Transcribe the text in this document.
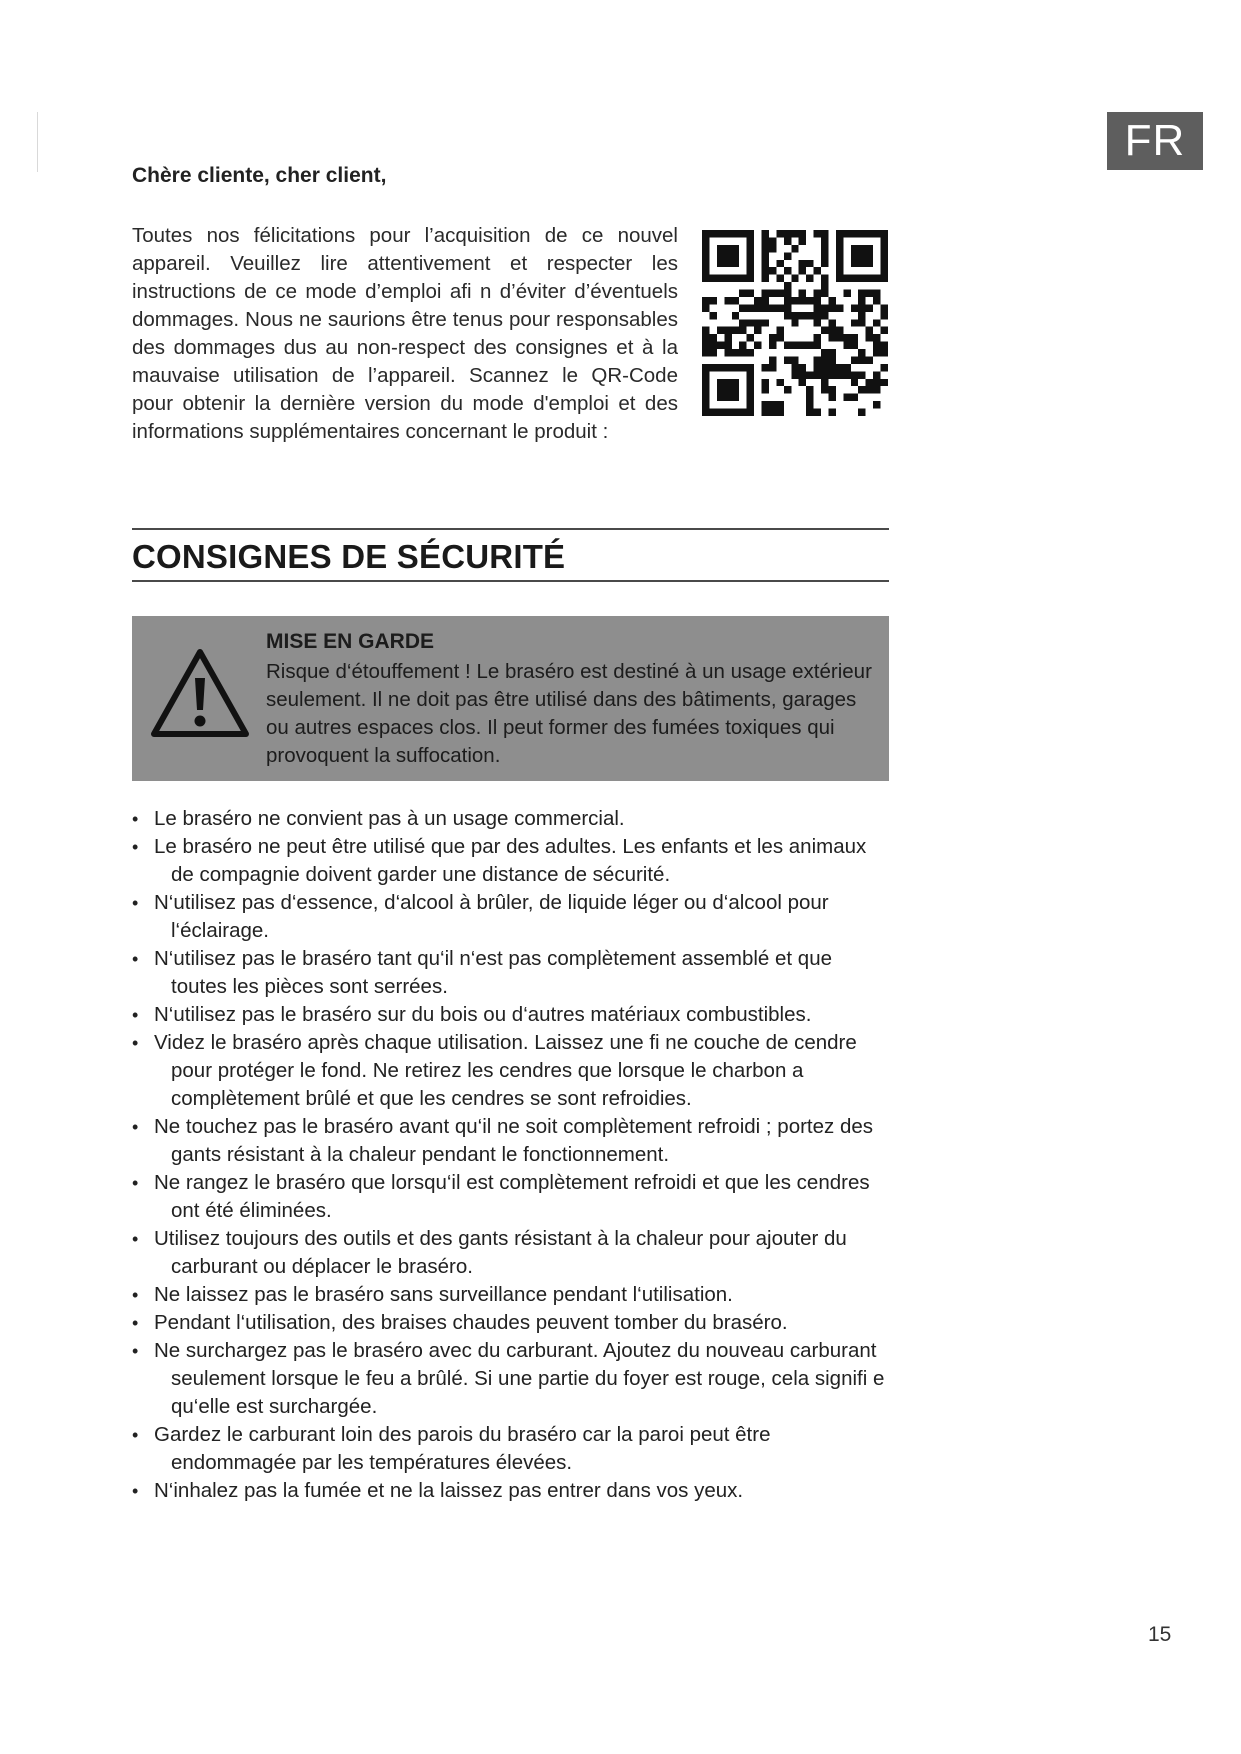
FR

Chère cliente, cher client,

Toutes nos félicitations pour l’acquisition de ce nouvel appareil. Veuillez lire attentivement et respecter les instructions de ce mode d’emploi afi n d’éviter d’éventuels dommages. Nous ne saurions être tenus pour responsables des dommages dus au non-respect des consignes et à la mauvaise utilisation de l’appareil. Scannez le QR-Code pour obtenir la dernière version du mode d'emploi et des informations supplémentaires concernant le produit :

CONSIGNES DE SÉCURITÉ

MISE EN GARDE

Risque d‘étouffement ! Le braséro est destiné à un usage extérieur seulement. Il ne doit pas être utilisé dans des bâtiments, garages ou autres espaces clos. Il peut former des fumées toxiques qui provoquent la suffocation.

• Le braséro ne convient pas à un usage commercial.
• Le braséro ne peut être utilisé que par des adultes. Les enfants et les animaux de compagnie doivent garder une distance de sécurité.
• N‘utilisez pas d‘essence, d‘alcool à brûler, de liquide léger ou d‘alcool pour l‘éclairage.
• N‘utilisez pas le braséro tant qu‘il n‘est pas complètement assemblé et que toutes les pièces sont serrées.
• N‘utilisez pas le braséro sur du bois ou d‘autres matériaux combustibles.
• Videz le braséro après chaque utilisation. Laissez une fi ne couche de cendre pour protéger le fond. Ne retirez les cendres que lorsque le charbon a complètement brûlé et que les cendres se sont refroidies.
• Ne touchez pas le braséro avant qu‘il ne soit complètement refroidi ; portez des gants résistant à la chaleur pendant le fonctionnement.
• Ne rangez le braséro que lorsqu‘il est complètement refroidi et que les cendres ont été éliminées.
• Utilisez toujours des outils et des gants résistant à la chaleur pour ajouter du carburant ou déplacer le braséro.
• Ne laissez pas le braséro sans surveillance pendant l‘utilisation.
• Pendant l‘utilisation, des braises chaudes peuvent tomber du braséro.
• Ne surchargez pas le braséro avec du carburant. Ajoutez du nouveau carburant seulement lorsque le feu a brûlé. Si une partie du foyer est rouge, cela signifi e qu‘elle est surchargée.
• Gardez le carburant loin des parois du braséro car la paroi peut être endommagée par les températures élevées.
• N‘inhalez pas la fumée et ne la laissez pas entrer dans vos yeux.

15
